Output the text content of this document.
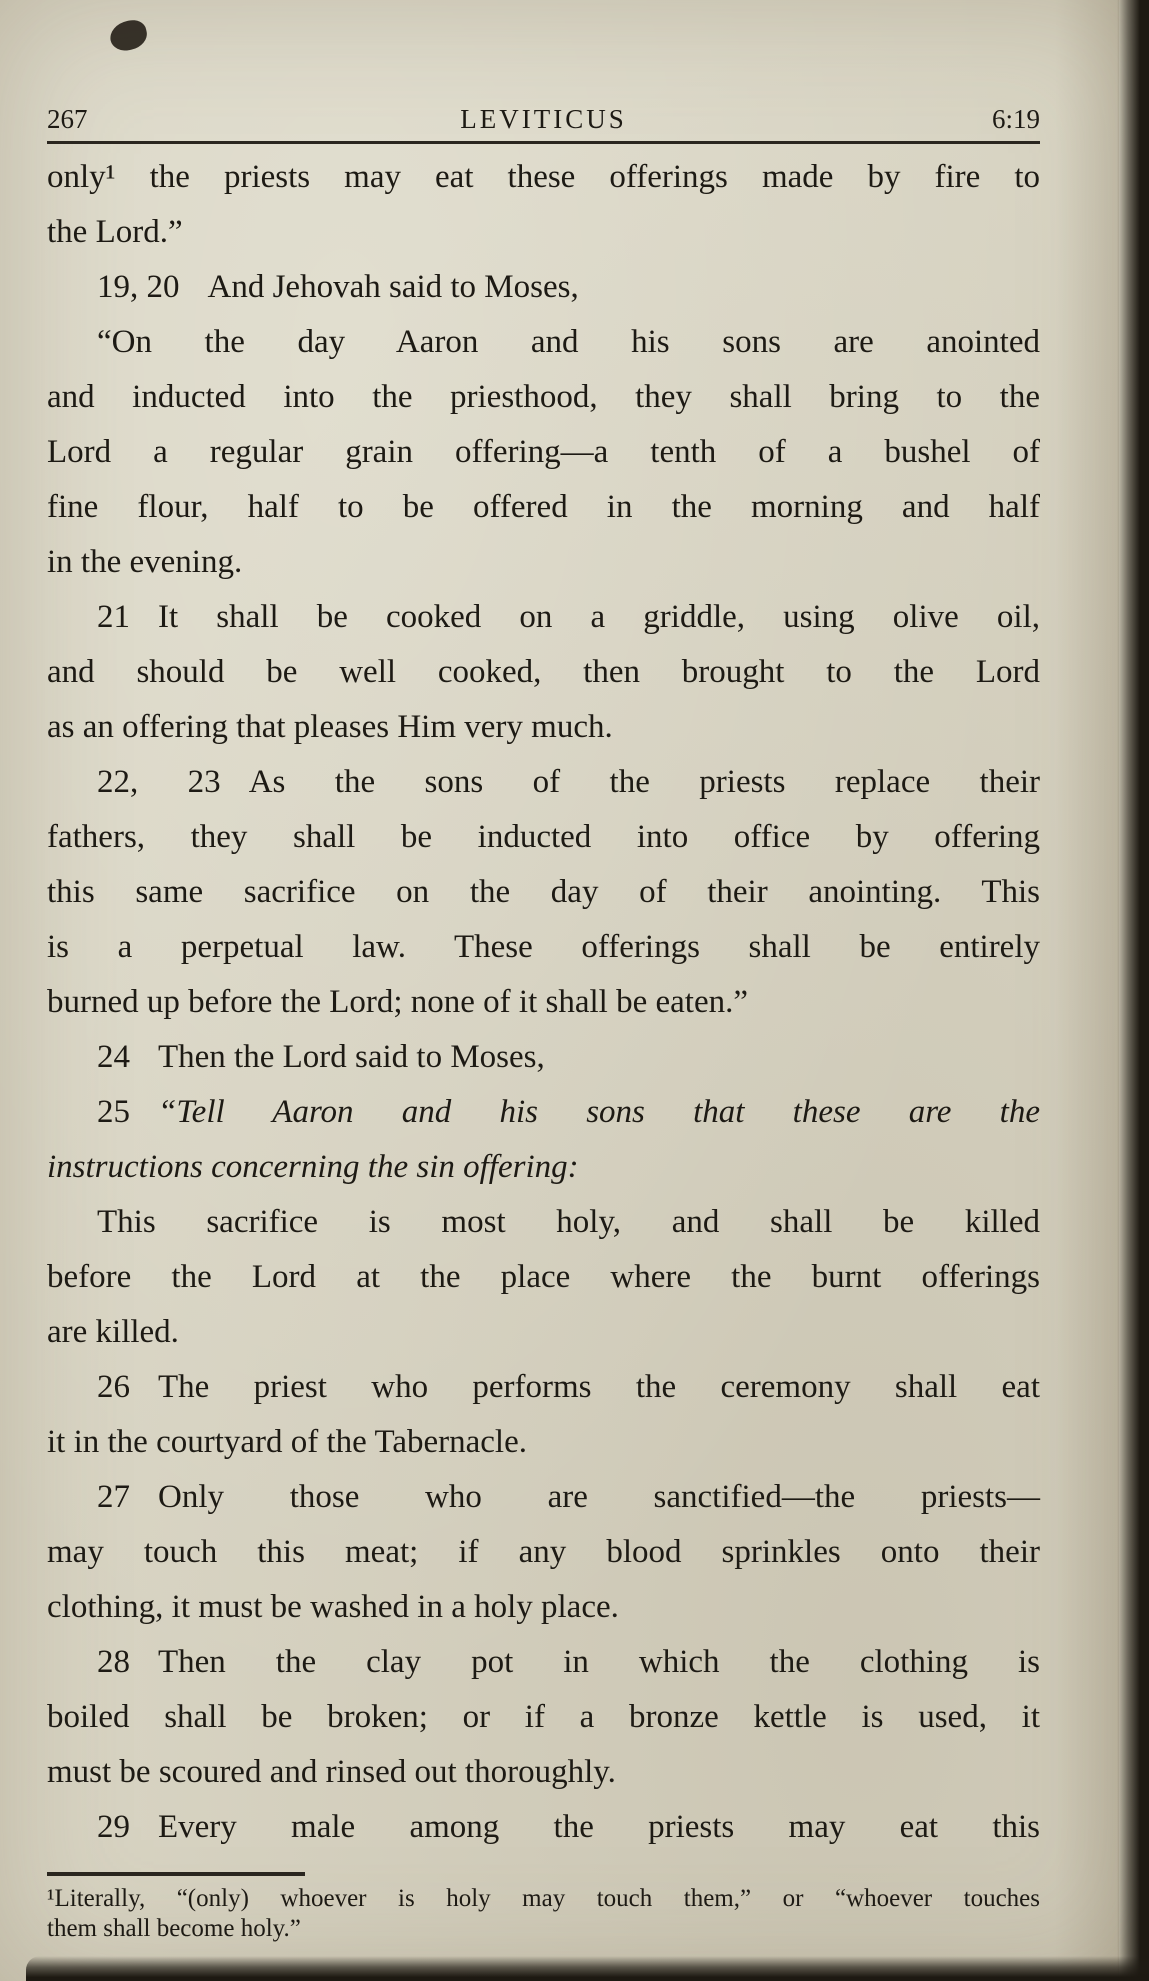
267	LEVITICUS	6:19
only¹ the priests may eat these offerings made by fire to
the Lord.”
19, 20 And Jehovah said to Moses,
“On the day Aaron and his sons are anointed
and inducted into the priesthood, they shall bring to the
Lord a regular grain offering—a tenth of a bushel of
fine flour, half to be offered in the morning and half
in the evening.
21 It shall be cooked on a griddle, using olive oil,
and should be well cooked, then brought to the Lord
as an offering that pleases Him very much.
22, 23 As the sons of the priests replace their
fathers, they shall be inducted into office by offering
this same sacrifice on the day of their anointing. This
is a perpetual law. These offerings shall be entirely
burned up before the Lord; none of it shall be eaten.”
24 Then the Lord said to Moses,
25 “Tell Aaron and his sons that these are the
instructions concerning the sin offering:
This sacrifice is most holy, and shall be killed
before the Lord at the place where the burnt offerings
are killed.
26 The priest who performs the ceremony shall eat
it in the courtyard of the Tabernacle.
27 Only those who are sanctified—the priests—
may touch this meat; if any blood sprinkles onto their
clothing, it must be washed in a holy place.
28 Then the clay pot in which the clothing is
boiled shall be broken; or if a bronze kettle is used, it
must be scoured and rinsed out thoroughly.
29 Every male among the priests may eat this
¹Literally, “(only) whoever is holy may touch them,” or “whoever touches
them shall become holy.”
